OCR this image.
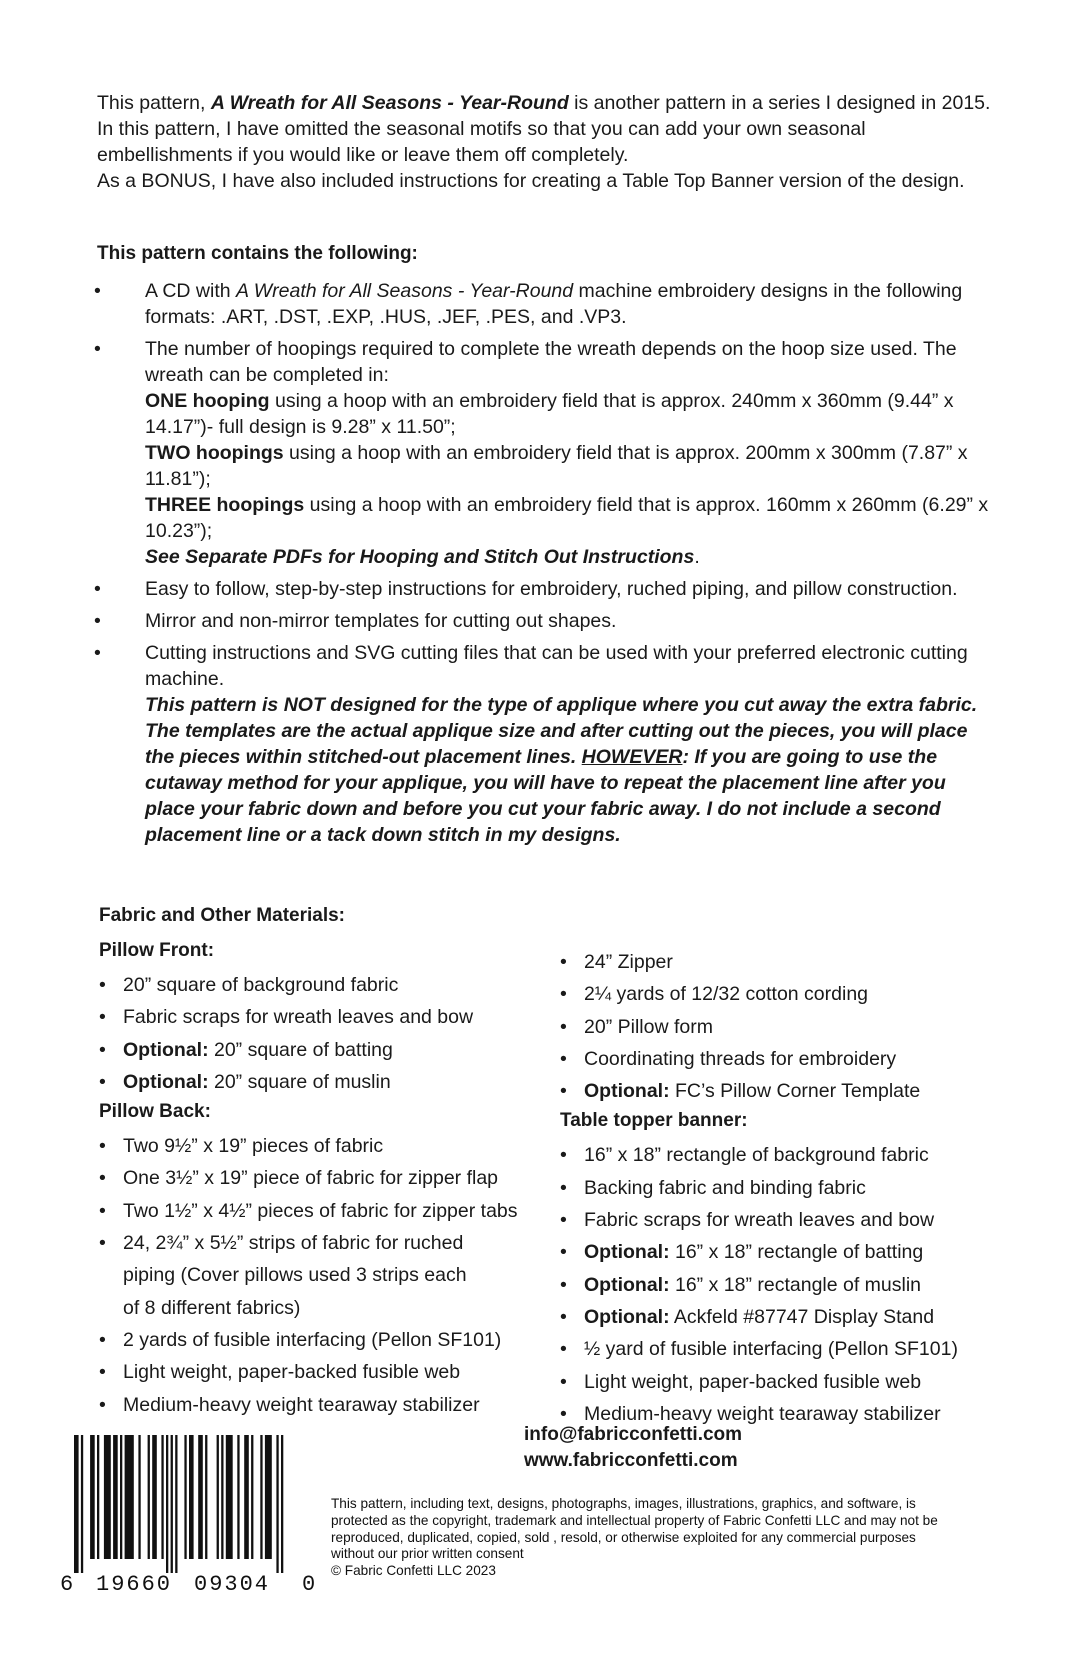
This pattern, A Wreath for All Seasons - Year-Round is another pattern in a series I designed in 2015. In this pattern, I have omitted the seasonal motifs so that you can add your own seasonal embellishments if you would like or leave them off completely.

As a BONUS, I have also included instructions for creating a Table Top Banner version of the design.

This pattern contains the following:
• A CD with A Wreath for All Seasons - Year-Round machine embroidery designs in the following formats: .ART, .DST, .EXP, .HUS, .JEF, .PES, and .VP3.
• The number of hoopings required to complete the wreath depends on the hoop size used. The wreath can be completed in:
ONE hooping using a hoop with an embroidery field that is approx. 240mm x 360mm (9.44” x 14.17”)- full design is 9.28” x 11.50”;
TWO hoopings using a hoop with an embroidery field that is approx. 200mm x 300mm (7.87” x 11.81”);
THREE hoopings using a hoop with an embroidery field that is approx. 160mm x 260mm (6.29” x 10.23”);
See Separate PDFs for Hooping and Stitch Out Instructions.
• Easy to follow, step-by-step instructions for embroidery, ruched piping, and pillow construction.
• Mirror and non-mirror templates for cutting out shapes.
• Cutting instructions and SVG cutting files that can be used with your preferred electronic cutting machine.
This pattern is NOT designed for the type of applique where you cut away the extra fabric. The templates are the actual applique size and after cutting out the pieces, you will place the pieces within stitched-out placement lines. HOWEVER: If you are going to use the cutaway method for your applique, you will have to repeat the placement line after you place your fabric down and before you cut your fabric away. I do not include a second placement line or a tack down stitch in my designs.
Fabric and Other Materials:
Pillow Front:
• 20” square of background fabric
• Fabric scraps for wreath leaves and bow
• Optional: 20” square of batting
• Optional: 20” square of muslin
Pillow Back:
• Two 9½” x 19” pieces of fabric
• One 3½” x 19” piece of fabric for zipper flap
• Two 1½” x 4½” pieces of fabric for zipper tabs
• 24, 2¾” x 5½” strips of fabric for ruched piping (Cover pillows used 3 strips each of 8 different fabrics)
• 2 yards of fusible interfacing (Pellon SF101)
• Light weight, paper-backed fusible web
• Medium-heavy weight tearaway stabilizer
• 24” Zipper
• 2¼ yards of 12/32 cotton cording
• 20” Pillow form
• Coordinating threads for embroidery
• Optional: FC’s Pillow Corner Template
Table topper banner:
• 16” x 18” rectangle of background fabric
• Backing fabric and binding fabric
• Fabric scraps for wreath leaves and bow
• Optional: 16” x 18” rectangle of batting
• Optional: 16” x 18” rectangle of muslin
• Optional: Ackfeld #87747 Display Stand
• ½ yard of fusible interfacing (Pellon SF101)
• Light weight, paper-backed fusible web
• Medium-heavy weight tearaway stabilizer
info@fabricconfetti.com
www.fabricconfetti.com
6 19660 09304 0

This pattern, including text, designs, photographs, images, illustrations, graphics, and software, is protected as the copyright, trademark and intellectual property of Fabric Confetti LLC and may not be reproduced, duplicated, copied, sold , resold, or otherwise exploited for any commercial purposes without our prior written consent

© Fabric Confetti LLC 2023
